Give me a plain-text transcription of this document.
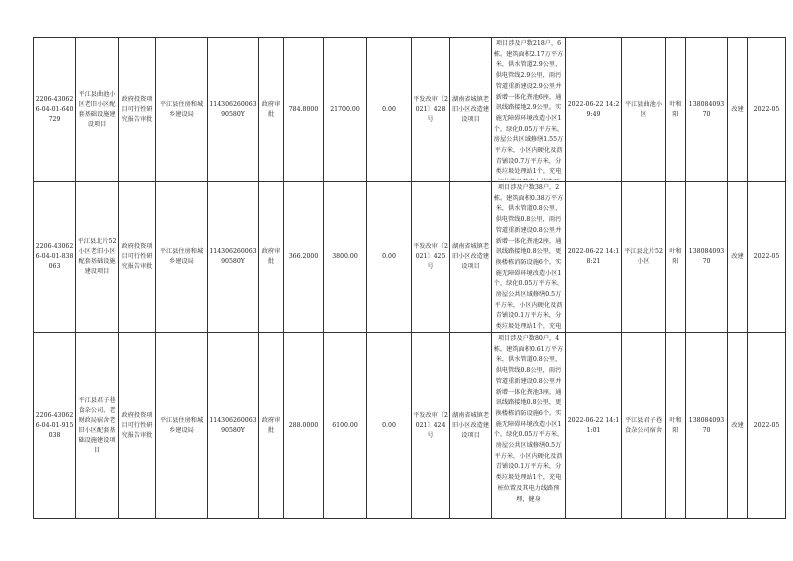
2206-430626-04-01-640729	平江县曲池小区老旧小区配套基础设施建设项目	政府投资项目可行性研究报告审批	平江县住房和城乡建设局	114306260063 90580Y	政府审批	784.8000	21700.00	0.00	平发改审〔2021〕428号	湖南省城镇老旧小区改造建设项目	项目涉及户数218户，6栋。建筑面积2.17万平方米，供水管道2.9公里，供电管线2.9公里，雨污管道重新建设2.9公里并新增一体化粪池6座，通讯线路接地2.9公里。实施无障碍环境改造小区1个，绿化0.05万平方米，房屋公共区域修缮1.55万平方米，小区内硬化及沥青铺设0.7万平方米，分类垃圾处理站1个，充电	2022-06-22 14:29:49	平江县曲池小区	叶和阳	13808409370	改建	2022-05
2206-430626-04-01-838063	平江县北片52小区老旧小区配套基础设施建设项目	政府投资项目可行性研究报告审批	平江县住房和城乡建设局	114306260063 90580Y	政府审批	366.2000	3800.00	0.00	平发改审〔2021〕425号	湖南省城镇老旧小区改造建设项目	项目涉及户数38户，2栋。建筑面积0.38万平方米，供水管道0.8公里，供电管线0.8公里，雨污管道重新建设0.8公里并新增一体化粪池2座，通讯线路接地0.8公里，更换楼栋消防设施6个。实施无障碍环境改造小区1个，绿化0.05万平方米，房屋公共区域修缮0.5万平方米，小区内硬化及沥青铺设0.1万平方米，分类垃圾处理站1个，充电	2022-06-22 14:18:21	平江县北片52小区	叶和阳	13808409370	改建	2022-05
2206-430626-04-01-915038	平江县君子巷食杂公司、老财政局宿舍老旧小区配套基础设施建设项目	政府投资项目可行性研究报告审批	平江县住房和城乡建设局	114306260063 90580Y	政府审批	288.0000	6100.00	0.00	平发改审〔2021〕424号	湖南省城镇老旧小区改造建设项目	项目涉及户数80户，4栋。建筑面积0.61万平方米，供水管道0.8公里，供电管线0.8公里，雨污管道重新建设0.8公里并新增一体化粪池3座，通讯线路接地0.8公里，更换楼栋消防设施6个。实施无障碍环境改造小区1个，绿化0.05万平方米，房屋公共区域修缮0.5万平方米，小区内硬化及沥青铺设0.1万平方米，分类垃圾处理站1个，充电桩位置及其电力线路预埋，健身	2022-06-22 14:11:01	平江县君子巷食杂公司宿舍	叶和阳	13808409370	改建	2022-05
